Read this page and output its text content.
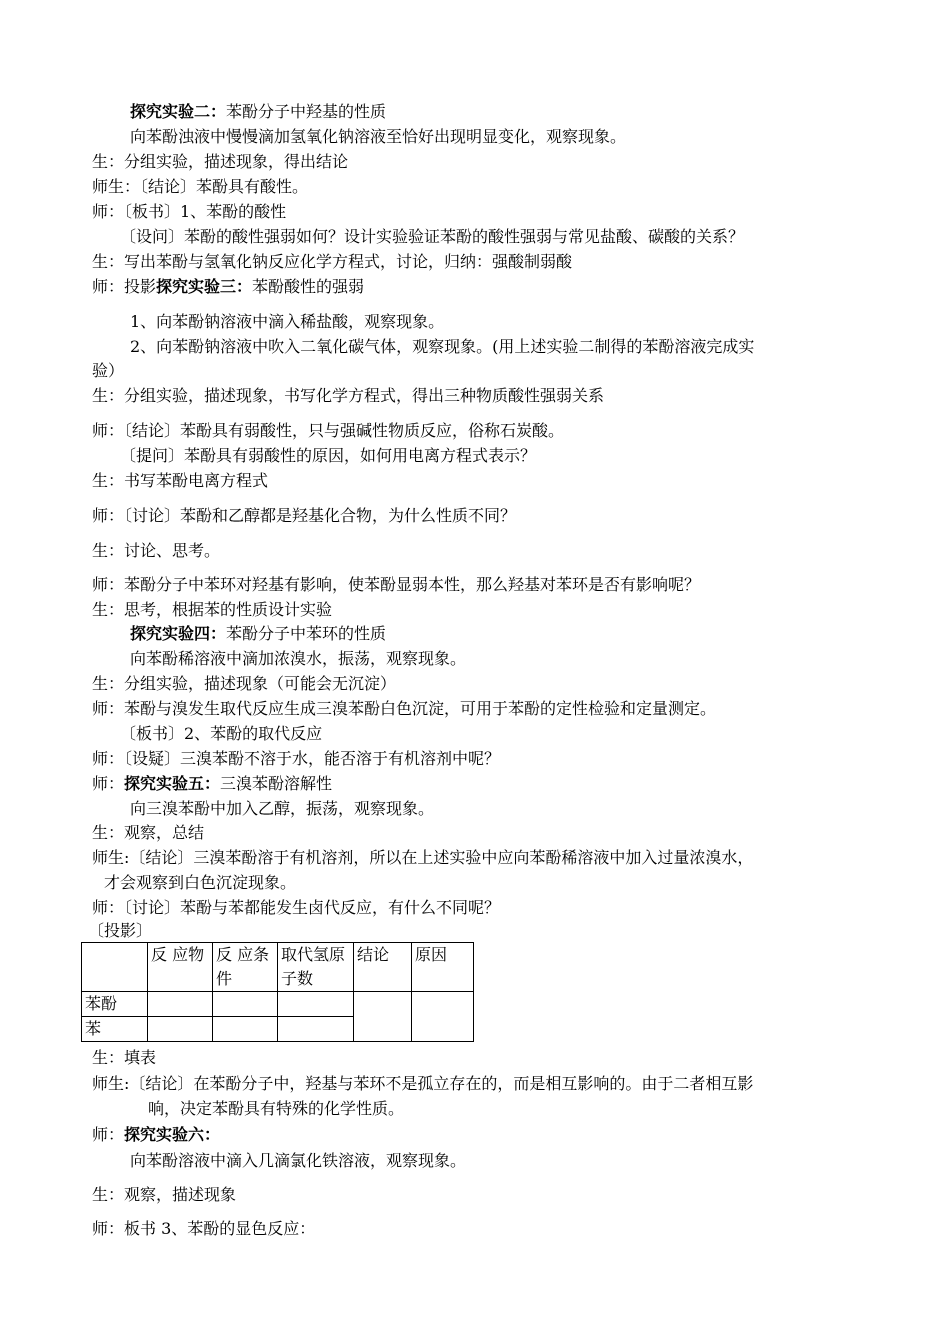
探究实验二：苯酚分子中羟基的性质
向苯酚浊液中慢慢滴加氢氧化钠溶液至恰好出现明显变化，观察现象。
生：分组实验，描述现象，得出结论
师生：〔结论〕苯酚具有酸性。
师：〔板书〕1、苯酚的酸性
〔设问〕苯酚的酸性强弱如何？设计实验验证苯酚的酸性强弱与常见盐酸、碳酸的关系？
生：写出苯酚与氢氧化钠反应化学方程式，讨论，归纳：强酸制弱酸
师：投影探究实验三：苯酚酸性的强弱
1、向苯酚钠溶液中滴入稀盐酸，观察现象。
2、向苯酚钠溶液中吹入二氧化碳气体，观察现象。(用上述实验二制得的苯酚溶液完成实
验）
生：分组实验，描述现象，书写化学方程式，得出三种物质酸性强弱关系
师：〔结论〕苯酚具有弱酸性，只与强碱性物质反应，俗称石炭酸。
〔提问〕苯酚具有弱酸性的原因，如何用电离方程式表示？
生：书写苯酚电离方程式
师：〔讨论〕苯酚和乙醇都是羟基化合物，为什么性质不同？
生：讨论、思考。
师：苯酚分子中苯环对羟基有影响，使苯酚显弱本性，那么羟基对苯环是否有影响呢？
生：思考，根据苯的性质设计实验
探究实验四：苯酚分子中苯环的性质
向苯酚稀溶液中滴加浓溴水，振荡，观察现象。
生：分组实验，描述现象（可能会无沉淀）
师：苯酚与溴发生取代反应生成三溴苯酚白色沉淀，可用于苯酚的定性检验和定量测定。
〔板书〕2、苯酚的取代反应
师：〔设疑〕三溴苯酚不溶于水，能否溶于有机溶剂中呢？
师：探究实验五：三溴苯酚溶解性
向三溴苯酚中加入乙醇，振荡，观察现象。
生：观察，总结
师生:〔结论〕三溴苯酚溶于有机溶剂，所以在上述实验中应向苯酚稀溶液中加入过量浓溴水，
才会观察到白色沉淀现象。
师：〔讨论〕苯酚与苯都能发生卤代反应，有什么不同呢？
〔投影〕
	反 应物	反 应条件	取代氢原子数	结论	原因
苯酚					
苯					
生：填表
师生:〔结论〕在苯酚分子中，羟基与苯环不是孤立存在的，而是相互影响的。由于二者相互影
响，决定苯酚具有特殊的化学性质。
师：探究实验六：
向苯酚溶液中滴入几滴氯化铁溶液，观察现象。
生：观察，描述现象
师：板书 3、苯酚的显色反应：
